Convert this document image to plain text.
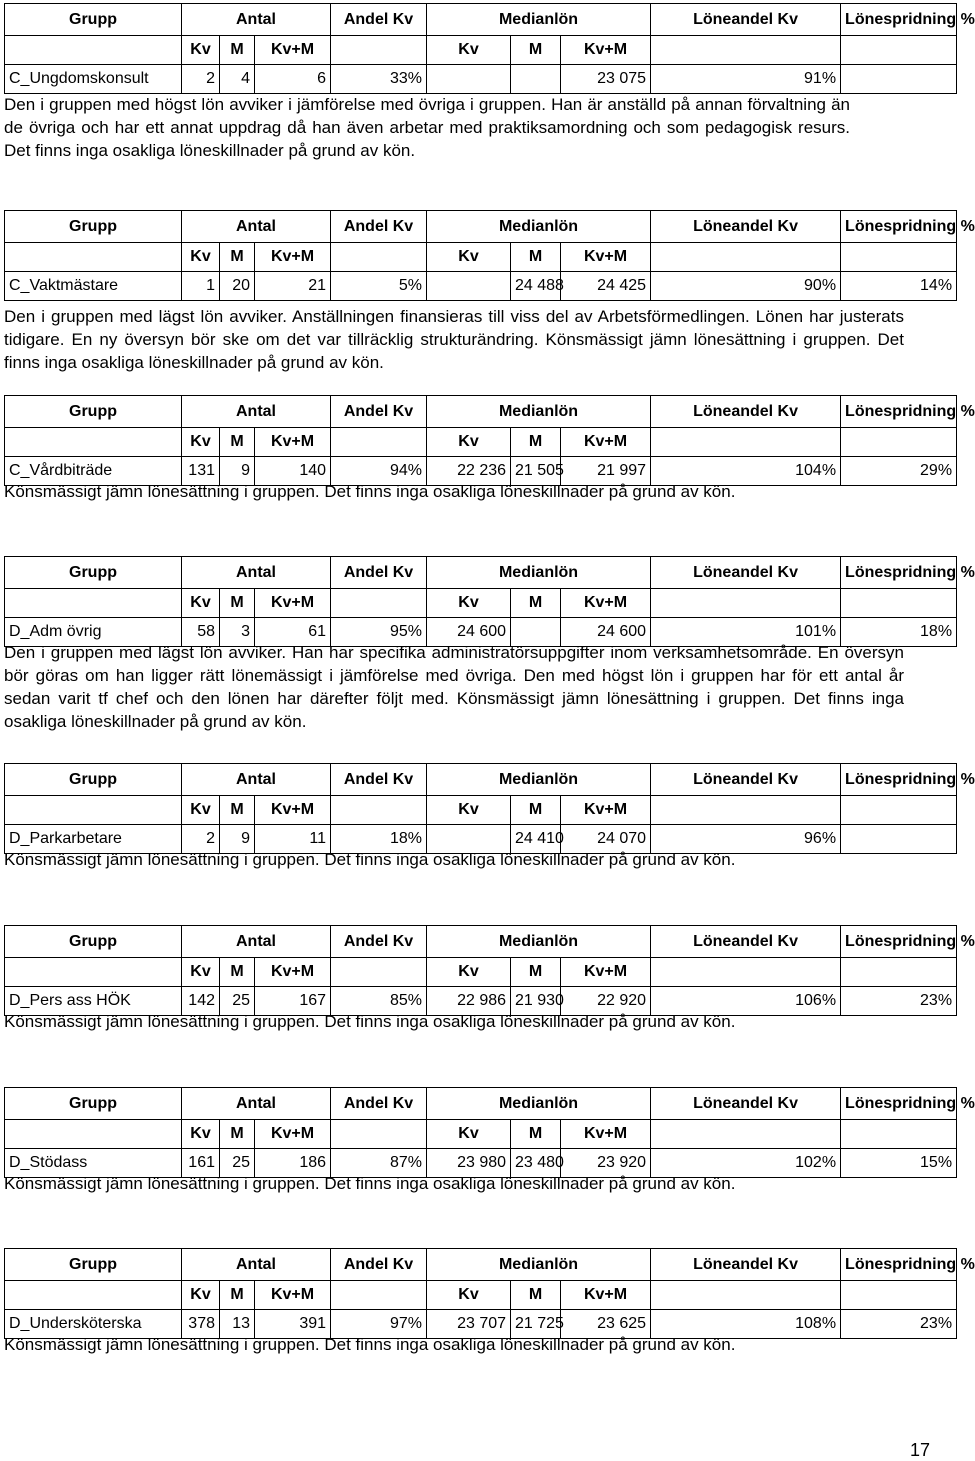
Grupp	Antal			Andel Kv	Medianlön			Löneandel Kv	Lönespridning %
	Kv	M	Kv+M		Kv	M	Kv+M		
C_Ungdomskonsult	2	4	6	33%			23 075	91%	
Den i gruppen med högst lön avviker i jämförelse med övriga i gruppen. Han är anställd på annan förvaltning än de övriga och har ett annat uppdrag då han även arbetar med praktiksamordning och som pedagogisk resurs. Det finns inga osakliga löneskillnader på grund av kön.
Grupp	Antal			Andel Kv	Medianlön			Löneandel Kv	Lönespridning %
	Kv	M	Kv+M		Kv	M	Kv+M		
C_Vaktmästare	1	20	21	5%		24 488	24 425	90%	14%
Den i gruppen med lägst lön avviker. Anställningen finansieras till viss del av Arbetsförmedlingen. Lönen har justerats tidigare. En ny översyn bör ske om det var tillräcklig strukturändring. Könsmässigt jämn lönesättning i gruppen. Det finns inga osakliga löneskillnader på grund av kön.
Grupp	Antal			Andel Kv	Medianlön			Löneandel Kv	Lönespridning %
	Kv	M	Kv+M		Kv	M	Kv+M		
C_Vårdbiträde	131	9	140	94%	22 236	21 505	21 997	104%	29%
Könsmässigt jämn lönesättning i gruppen. Det finns inga osakliga löneskillnader på grund av kön.
Grupp	Antal			Andel Kv	Medianlön			Löneandel Kv	Lönespridning %
	Kv	M	Kv+M		Kv	M	Kv+M		
D_Adm övrig	58	3	61	95%	24 600		24 600	101%	18%
Den i gruppen med lägst lön avviker. Han har specifika administratörsuppgifter inom verksamhetsområde. En översyn bör göras om han ligger rätt lönemässigt i jämförelse med övriga. Den med högst lön i gruppen har för ett antal år sedan varit tf chef och den lönen har därefter följt med. Könsmässigt jämn lönesättning i gruppen. Det finns inga osakliga löneskillnader på grund av kön.
Grupp	Antal			Andel Kv	Medianlön			Löneandel Kv	Lönespridning %
	Kv	M	Kv+M		Kv	M	Kv+M		
D_Parkarbetare	2	9	11	18%		24 410	24 070	96%	
Könsmässigt jämn lönesättning i gruppen. Det finns inga osakliga löneskillnader på grund av kön.
Grupp	Antal			Andel Kv	Medianlön			Löneandel Kv	Lönespridning %
	Kv	M	Kv+M		Kv	M	Kv+M		
D_Pers ass HÖK	142	25	167	85%	22 986	21 930	22 920	106%	23%
Könsmässigt jämn lönesättning i gruppen. Det finns inga osakliga löneskillnader på grund av kön.
Grupp	Antal			Andel Kv	Medianlön			Löneandel Kv	Lönespridning %
	Kv	M	Kv+M		Kv	M	Kv+M		
D_Stödass	161	25	186	87%	23 980	23 480	23 920	102%	15%
Könsmässigt jämn lönesättning i gruppen. Det finns inga osakliga löneskillnader på grund av kön.
Grupp	Antal			Andel Kv	Medianlön			Löneandel Kv	Lönespridning %
	Kv	M	Kv+M		Kv	M	Kv+M		
D_Undersköterska	378	13	391	97%	23 707	21 725	23 625	108%	23%
Könsmässigt jämn lönesättning i gruppen. Det finns inga osakliga löneskillnader på grund av kön.
17
